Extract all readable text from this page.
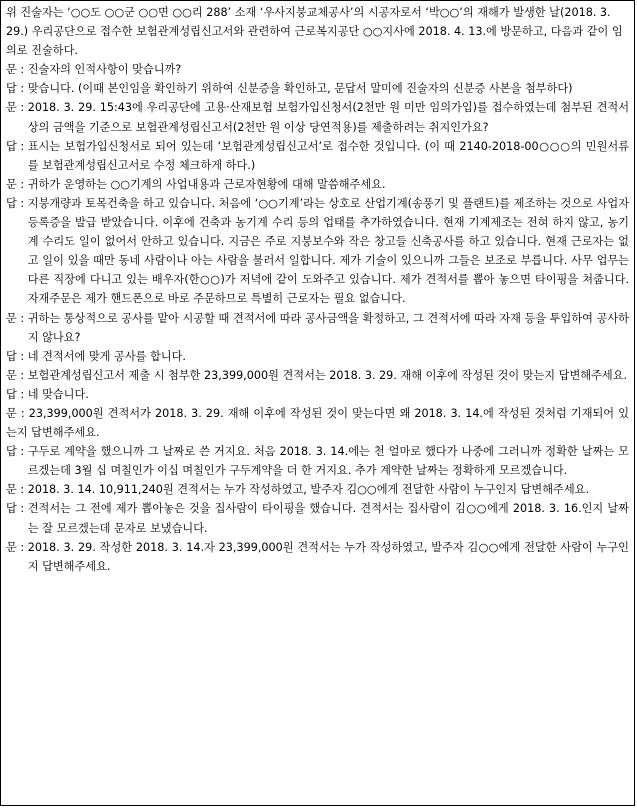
위 진술자는 ‘○○도 ○○군 ○○면 ○○리 288’ 소재 ‘우사지붕교체공사’의 시공자로서 ‘박○○’의 재해가 발생한 날(2018. 3. 29.) 우리공단으로 접수한 보험관계성립신고서와 관련하여 근로복지공단 ○○지사에 2018. 4. 13.에 방문하고, 다음과 같이 임의로 진술하다.
문 : 진술자의 인적사항이 맞습니까?
답 : 맞습니다. (이때 본인임을 확인하기 위하여 신분증을 확인하고, 문답서 말미에 진술자의 신분증 사본을 첨부하다)
문 : 2018. 3. 29. 15:43에 우리공단에 고용·산재보험 보험가입신청서(2천만 원 미만 임의가입)를 접수하였는데 첨부된 견적서상의 금액을 기준으로 보험관계성립신고서(2천만 원 이상 당연적용)를 제출하려는 취지인가요?
답 : 표시는 보험가입신청서로 되어 있는데 ‘보험관계성립신고서’로 접수한 것입니다. (이 때 2140-2018-00○○○의 민원서류를 보험관계성립신고서로 수정 체크하게 하다.)
문 : 귀하가 운영하는 ○○기계의 사업내용과 근로자현황에 대해 말씀해주세요.
답 : 지붕개량과 토목건축을 하고 있습니다. 처음에 ‘○○기계’라는 상호로 산업기계(송풍기 및 플랜트)를 제조하는 것으로 사업자등록증을 발급 받았습니다. 이후에 건축과 농기계 수리 등의 업태를 추가하였습니다. 현재 기계제조는 전혀 하지 않고, 농기계 수리도 일이 없어서 안하고 있습니다. 지금은 주로 지붕보수와 작은 창고들 신축공사를 하고 있습니다. 현재 근로자는 없고 일이 있을 때만 동네 사람이나 아는 사람을 불러서 일합니다. 제가 기술이 있으니까 그들은 보조로 부릅니다. 사무 업무는 다른 직장에 다니고 있는 배우자(한○○)가 저녁에 같이 도와주고 있습니다. 제가 견적서를 뽑아 놓으면 타이핑을 쳐줍니다. 자재주문은 제가 핸드폰으로 바로 주문하므로 특별히 근로자는 필요 없습니다.
문 : 귀하는 통상적으로 공사를 맡아 시공할 때 견적서에 따라 공사금액을 확정하고, 그 견적서에 따라 자재 등을 투입하여 공사하지 않나요?
답 : 네 견적서에 맞게 공사를 합니다.
문 : 보험관계성립신고서 제출 시 첨부한 23,399,000원 견적서는 2018. 3. 29. 재해 이후에 작성된 것이 맞는지 답변해주세요.
답 : 네 맞습니다.
문 : 23,399,000원 견적서가 2018. 3. 29. 재해 이후에 작성된 것이 맞는다면 왜 2018. 3. 14.에 작성된 것처럼 기재되어 있는지 답변해주세요.
답 : 구두로 계약을 했으니까 그 날짜로 쓴 거지요. 처음 2018. 3. 14.에는 천 얼마로 했다가 나중에 그러니까 정확한 날짜는 모르겠는데 3월 십 며칠인가 이십 며칠인가 구두계약을 더 한 거지요. 추가 계약한 날짜는 정확하게 모르겠습니다.
문 : 2018. 3. 14. 10,911,240원 견적서는 누가 작성하였고, 발주자 김○○에게 전달한 사람이 누구인지 답변해주세요.
답 : 견적서는 그 전에 제가 뽑아놓은 것을 집사람이 타이핑을 했습니다. 견적서는 집사람이 김○○에게 2018. 3. 16.인지 날짜는 잘 모르겠는데 문자로 보냈습니다.
문 : 2018. 3. 29. 작성한 2018. 3. 14.자 23,399,000원 견적서는 누가 작성하였고, 발주자 김○○에게 전달한 사람이 누구인지 답변해주세요.
